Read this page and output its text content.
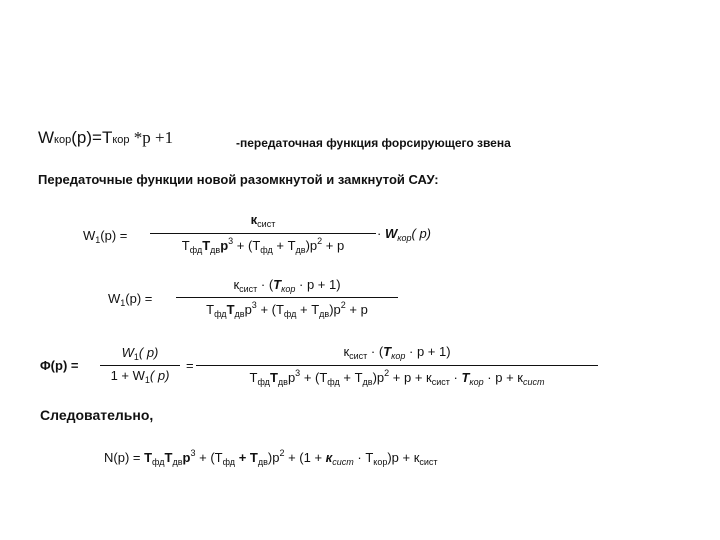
Wкор(p)=Tкор *p +1	-передаточная функция форсирующего звена
Передаточные функции новой разомкнутой и замкнутой САУ:
$W_1(p)$ =
$к_{сист}$
$T_{фд}T_{дв}p^3 + (T_{фд} + T_{дв})p^2 + p$
· $W_{кор}$( p)
$W_1(p)$ =
$к_{сист} \cdot (T_{кор} \cdot p + 1)$
$T_{фд}T_{дв}p^3 + (T_{фд} + T_{дв})p^2 + p$
Φ(p) =
$W_1$( p)
$1 + W_1$( p)
=
$к_{сист} \cdot (T_{кор} \cdot p + 1)$
$T_{фд}T_{дв}p^3 + (T_{фд} + T_{дв})p^2 + p + к_{сист} \cdot T_{кор} \cdot p + к_{сист}$
Следовательно,
$N(p) = T_{фд}T_{дв}p^3 + (T_{фд} + T_{дв})p^2 + (1 + к_{сист} \cdot T_{кор})p + к_{сист}$
